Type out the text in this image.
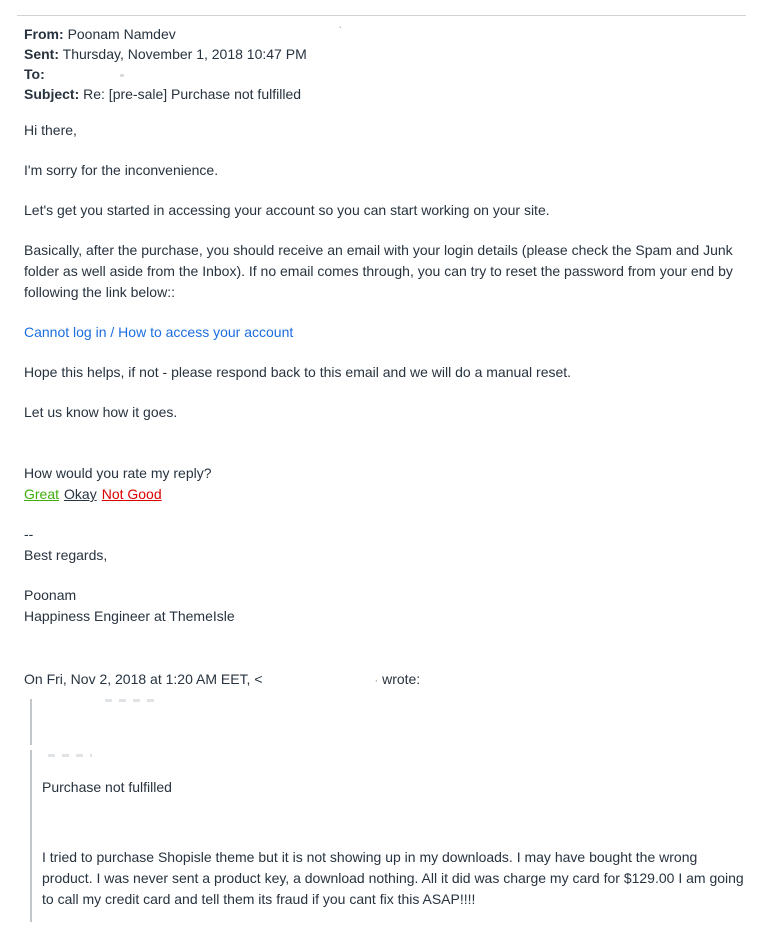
From: Poonam Namdev	`
Sent: Thursday, November 1, 2018 10:47 PM
To:
Subject: Re: [pre-sale] Purchase not fulfilled

Hi there,

I'm sorry for the inconvenience.

Let's get you started in accessing your account so you can start working on your site.

Basically, after the purchase, you should receive an email with your login details (please check the Spam and Junk folder as well aside from the Inbox). If no email comes through, you can try to reset the password from your end by following the link below::

Cannot log in / How to access your account

Hope this helps, if not - please respond back to this email and we will do a manual reset.

Let us know how it goes.

How would you rate my reply?

Great Okay Not Good

--

Best regards,

Poonam

Happiness Engineer at ThemeIsle

On Fri, Nov 2, 2018 at 1:20 AM EET, <	· wrote:

Purchase not fulfilled

I tried to purchase Shopisle theme but it is not showing up in my downloads. I may have bought the wrong product. I was never sent a product key, a download nothing. All it did was charge my card for $129.00 I am going to call my credit card and tell them its fraud if you cant fix this ASAP!!!!
